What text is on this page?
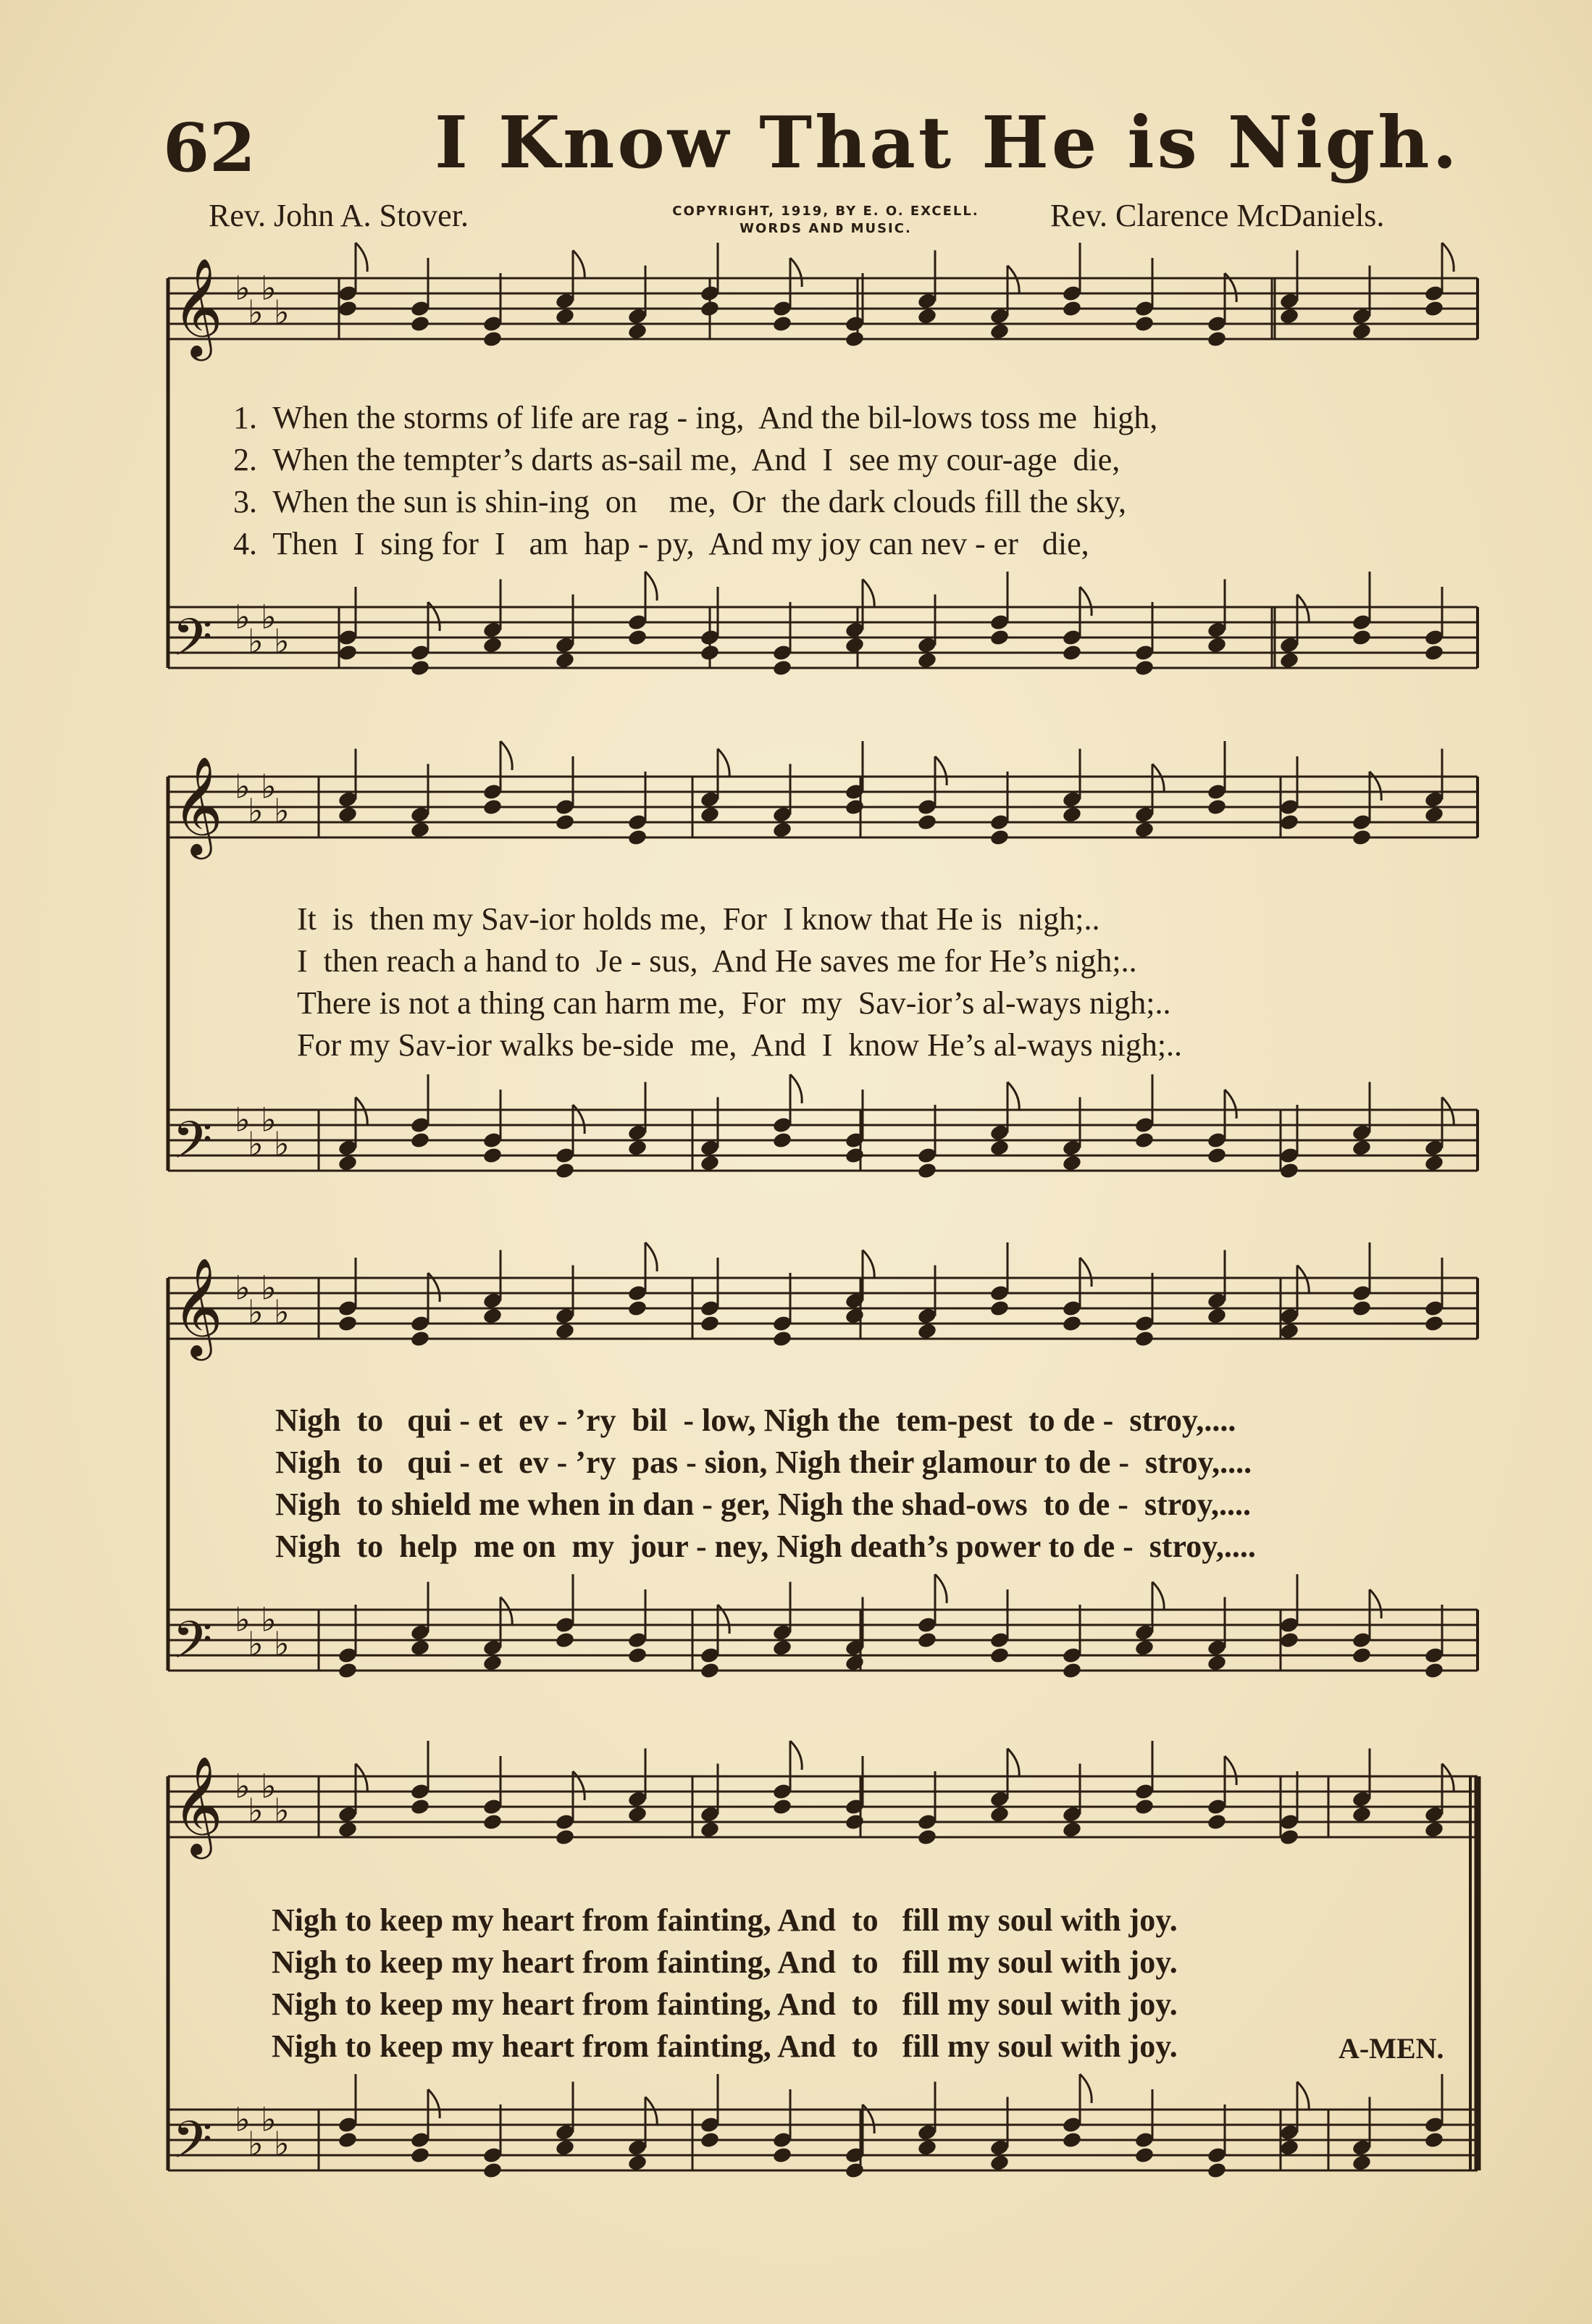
62	I Know That He is Nigh.
Rev. John A. Stover.	COPYRIGHT, 1919, BY E. O. EXCELL.
WORDS AND MUSIC.	Rev. Clarence McDaniels.
𝄞 ♭
♭
♭
♭
𝄢 ♭
♭
♭
♭
𝄞 ♭
♭
♭
♭
𝄢 ♭
♭
♭
♭
𝄞 ♭
♭
♭
♭
𝄢 ♭
♭
♭
♭
𝄞 ♭
♭
♭
♭
𝄢 ♭
♭
♭
♭
1.  When the storms of life are rag - ing,  And the bil-lows toss me  high,
2.  When the tempter’s darts as-sail me,  And  I  see my cour-age  die,
3.  When the sun is shin-ing  on    me,  Or  the dark clouds fill the sky,
4.  Then  I  sing for  I   am  hap - py,  And my joy can nev - er   die,
It  is  then my Sav-ior holds me,  For  I know that He is  nigh;..
I  then reach a hand to  Je - sus,  And He saves me for He’s nigh;..
There is not a thing can harm me,  For  my  Sav-ior’s al-ways nigh;..
For my Sav-ior walks be-side  me,  And  I  know He’s al-ways nigh;..
Nigh  to   qui - et  ev - ’ry  bil  - low, Nigh the  tem-pest  to de -  stroy,....
Nigh  to   qui - et  ev - ’ry  pas - sion, Nigh their glamour to de -  stroy,....
Nigh  to shield me when in dan - ger, Nigh the shad-ows  to de -  stroy,....
Nigh  to  help  me on  my  jour - ney, Nigh death’s power to de -  stroy,....
Nigh to keep my heart from fainting, And  to   fill my soul with joy.
Nigh to keep my heart from fainting, And  to   fill my soul with joy.
Nigh to keep my heart from fainting, And  to   fill my soul with joy.
Nigh to keep my heart from fainting, And  to   fill my soul with joy.	A-MEN.
